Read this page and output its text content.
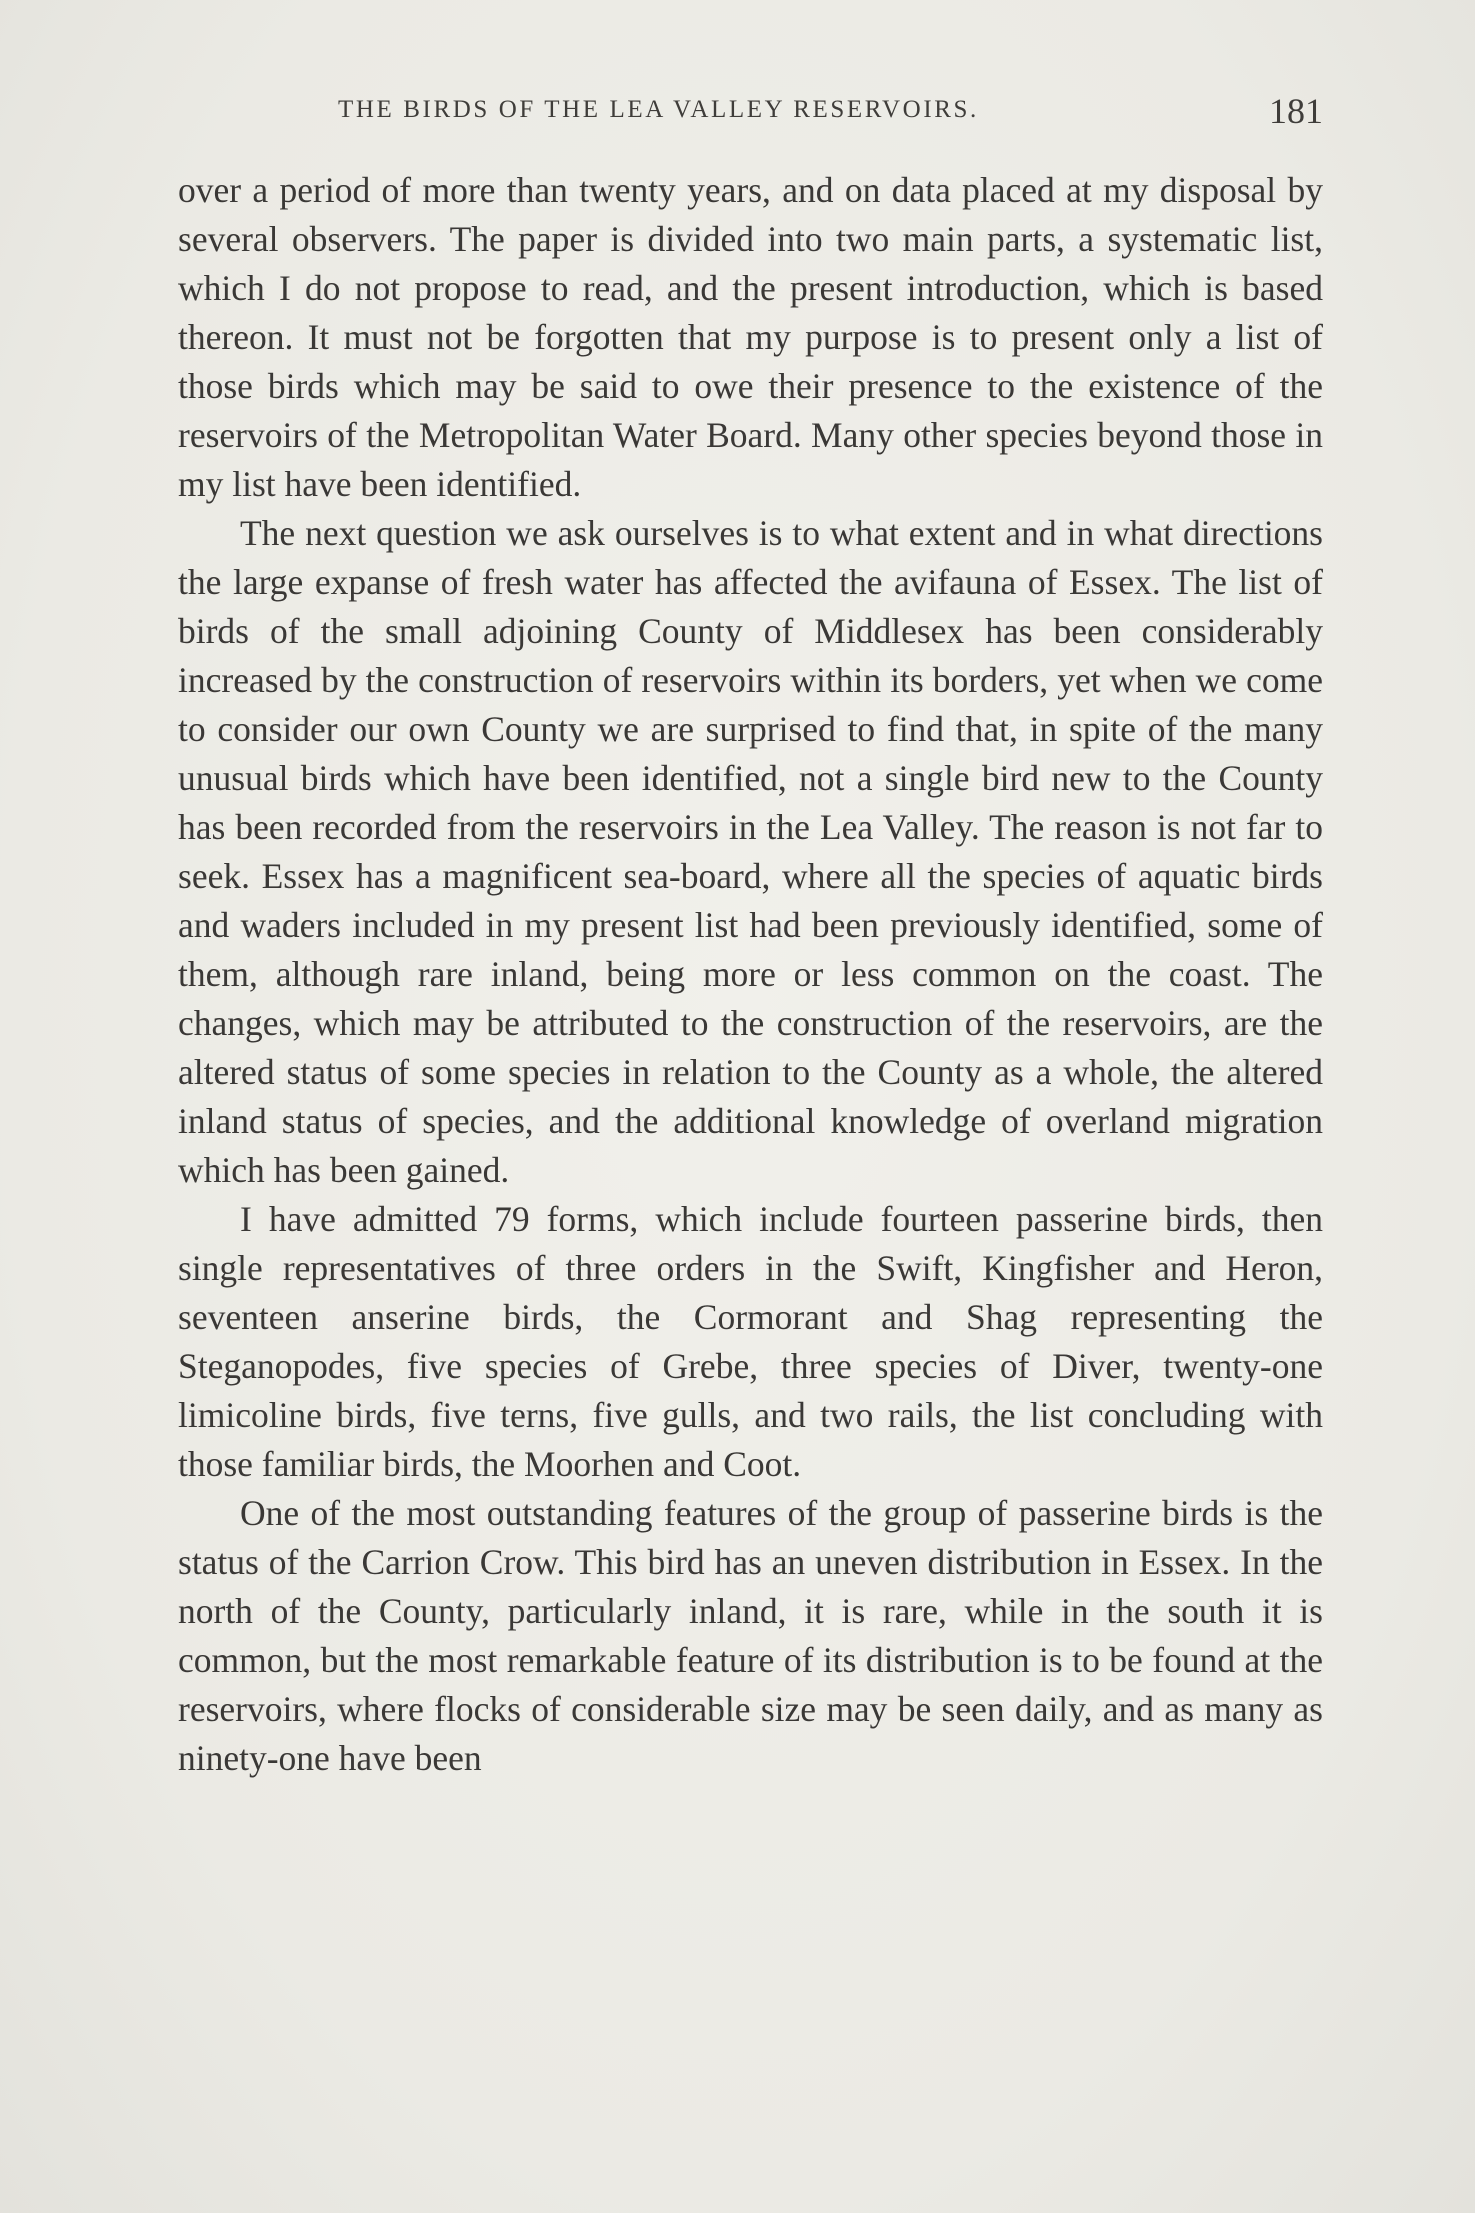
THE BIRDS OF THE LEA VALLEY RESERVOIRS.	181

over a period of more than twenty years, and on data placed at my disposal by several observers. The paper is divided into two main parts, a systematic list, which I do not propose to read, and the present introduction, which is based thereon. It must not be forgotten that my purpose is to present only a list of those birds which may be said to owe their presence to the existence of the reservoirs of the Metropolitan Water Board. Many other species beyond those in my list have been identified.

The next question we ask ourselves is to what extent and in what directions the large expanse of fresh water has affected the avifauna of Essex. The list of birds of the small adjoining County of Middlesex has been considerably increased by the construction of reservoirs within its borders, yet when we come to consider our own County we are surprised to find that, in spite of the many unusual birds which have been identified, not a single bird new to the County has been recorded from the reservoirs in the Lea Valley. The reason is not far to seek. Essex has a magnificent sea-board, where all the species of aquatic birds and waders included in my present list had been previously identified, some of them, although rare inland, being more or less common on the coast. The changes, which may be attributed to the construction of the reservoirs, are the altered status of some species in relation to the County as a whole, the altered inland status of species, and the additional knowledge of overland migration which has been gained.

I have admitted 79 forms, which include fourteen passerine birds, then single representatives of three orders in the Swift, Kingfisher and Heron, seventeen anserine birds, the Cormorant and Shag representing the Steganopodes, five species of Grebe, three species of Diver, twenty-one limicoline birds, five terns, five gulls, and two rails, the list concluding with those familiar birds, the Moorhen and Coot.

One of the most outstanding features of the group of passerine birds is the status of the Carrion Crow. This bird has an uneven distribution in Essex. In the north of the County, particularly inland, it is rare, while in the south it is common, but the most remarkable feature of its distribution is to be found at the reservoirs, where flocks of considerable size may be seen daily, and as many as ninety-one have been
